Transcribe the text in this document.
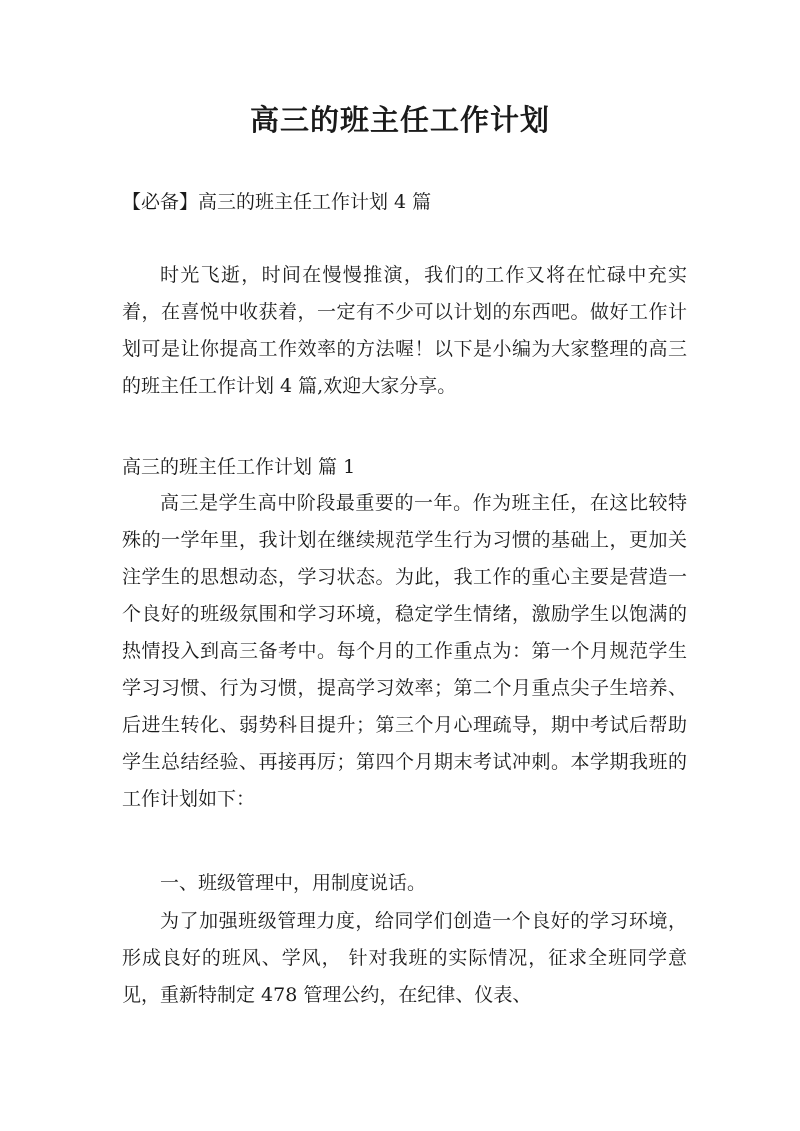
高三的班主任工作计划

【必备】高三的班主任工作计划 4 篇

时光飞逝，时间在慢慢推演，我们的工作又将在忙碌中充实着，在喜悦中收获着，一定有不少可以计划的东西吧。做好工作计划可是让你提高工作效率的方法喔！以下是小编为大家整理的高三的班主任工作计划 4 篇,欢迎大家分享。

高三的班主任工作计划 篇 1

高三是学生高中阶段最重要的一年。作为班主任，在这比较特殊的一学年里，我计划在继续规范学生行为习惯的基础上，更加关注学生的思想动态，学习状态。为此，我工作的重心主要是营造一个良好的班级氛围和学习环境，稳定学生情绪，激励学生以饱满的热情投入到高三备考中。每个月的工作重点为：第一个月规范学生学习习惯、行为习惯，提高学习效率；第二个月重点尖子生培养、后进生转化、弱势科目提升；第三个月心理疏导，期中考试后帮助学生总结经验、再接再厉；第四个月期末考试冲刺。本学期我班的工作计划如下：

一、班级管理中，用制度说话。

为了加强班级管理力度，给同学们创造一个良好的学习环境， 形成良好的班风、学风， 针对我班的实际情况，征求全班同学意见，重新特制定 478 管理公约，在纪律、仪表、
